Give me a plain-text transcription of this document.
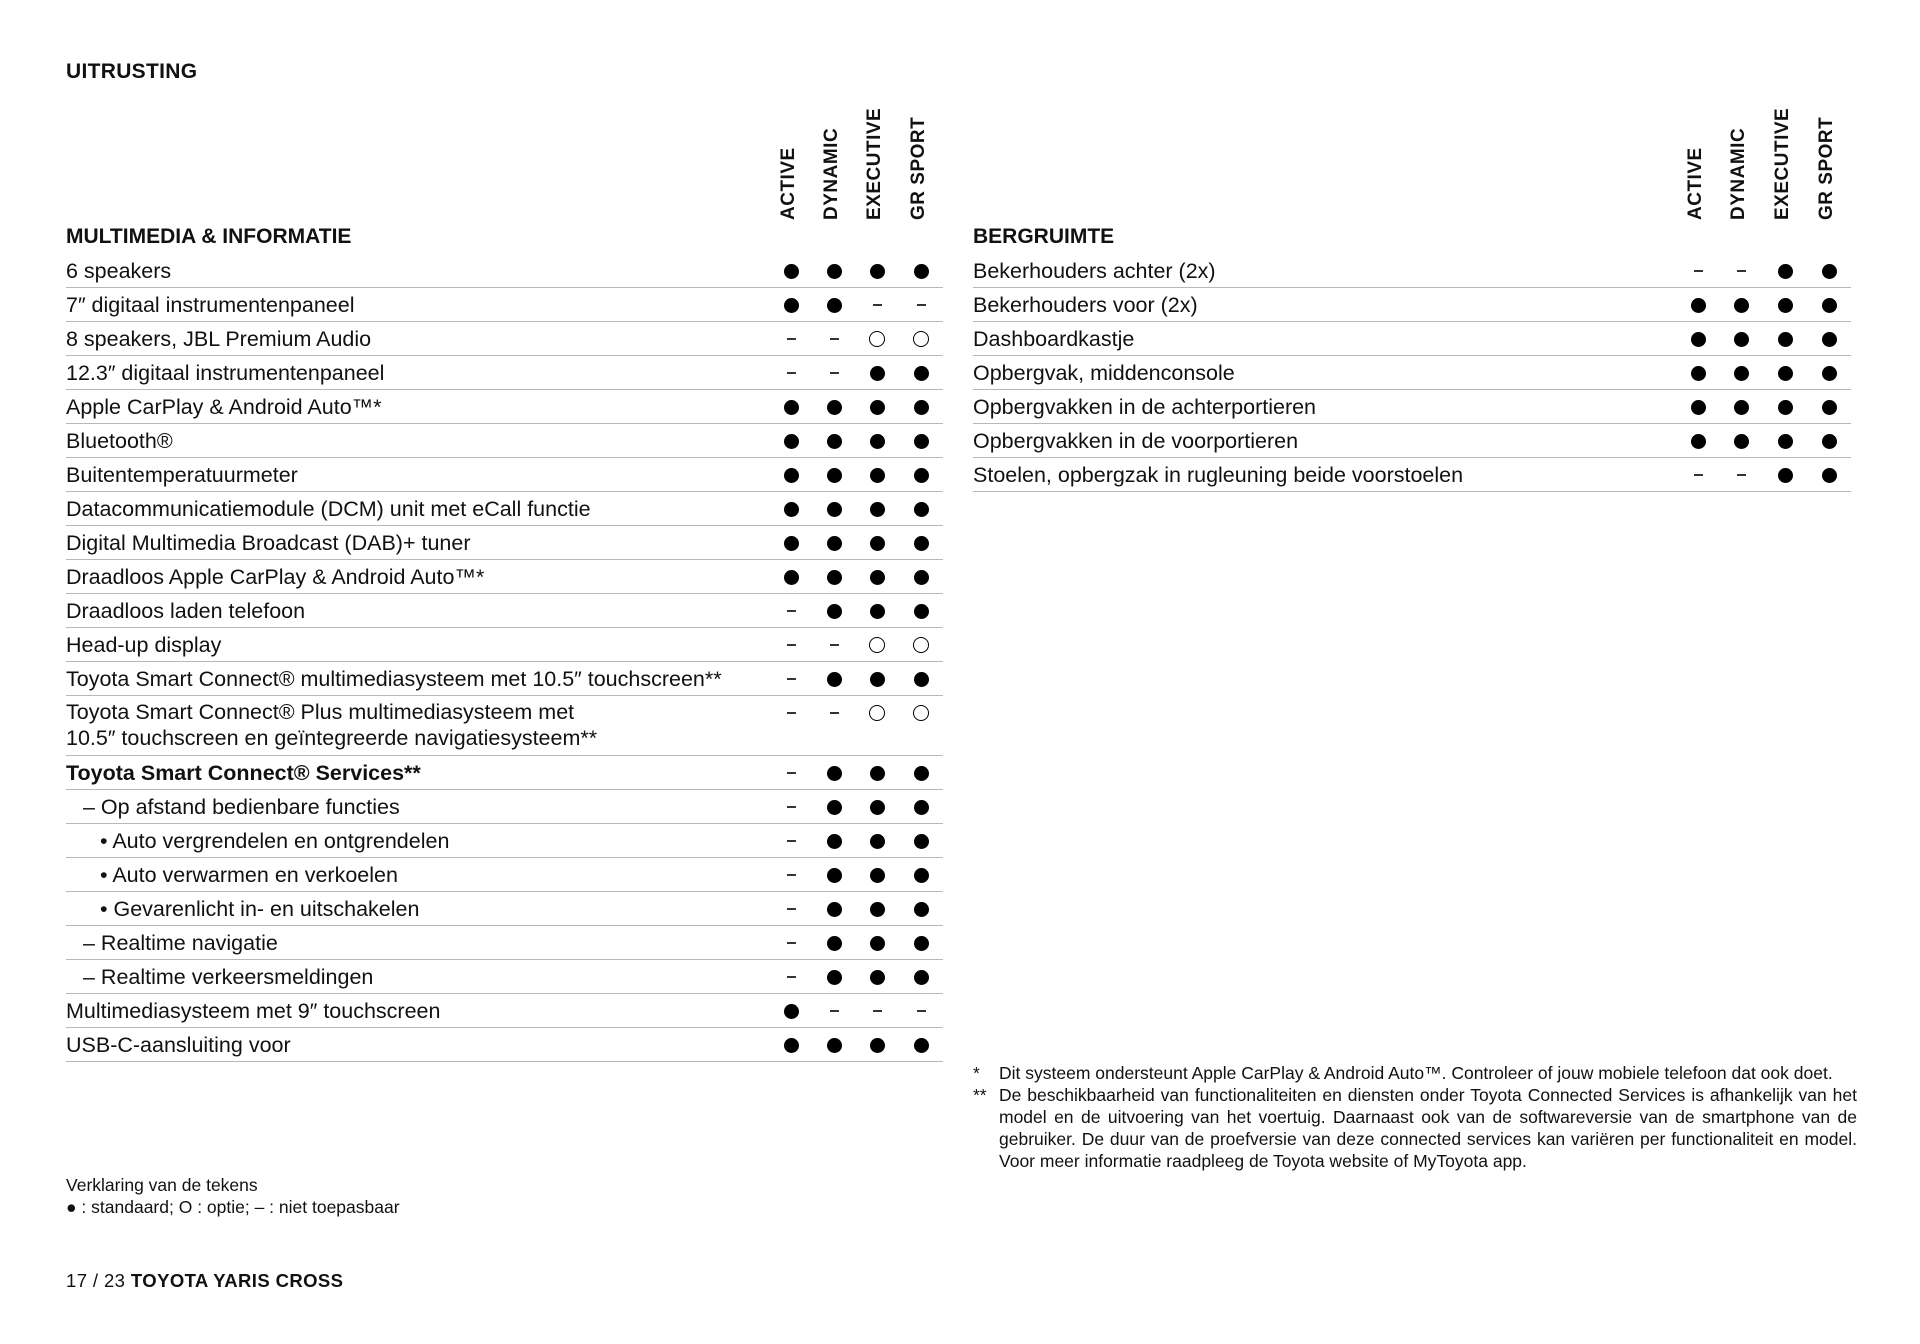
UITRUSTING
ACTIVE DYNAMIC EXECUTIVE GR SPORT
MULTIMEDIA & INFORMATIE
6 speakers
7″ digitaal instrumentenpaneel
8 speakers, JBL Premium Audio
12.3″ digitaal instrumentenpaneel
Apple CarPlay & Android Auto™*
Bluetooth®
Buitentemperatuurmeter
Datacommunicatiemodule (DCM) unit met eCall functie
Digital Multimedia Broadcast (DAB)+ tuner
Draadloos Apple CarPlay & Android Auto™*
Draadloos laden telefoon
Head-up display
Toyota Smart Connect® multimediasysteem met 10.5″ touchscreen**
Toyota Smart Connect® Plus multimediasysteem met
10.5″ touchscreen en geïntegreerde navigatiesysteem**
Toyota Smart Connect® Services**
– Op afstand bedienbare functies
• Auto vergrendelen en ontgrendelen
• Auto verwarmen en verkoelen
• Gevarenlicht in- en uitschakelen
– Realtime navigatie
– Realtime verkeersmeldingen
Multimediasysteem met 9″ touchscreen
USB-C-aansluiting voor
ACTIVE DYNAMIC EXECUTIVE GR SPORT
BERGRUIMTE
Bekerhouders achter (2x)
Bekerhouders voor (2x)
Dashboardkastje
Opbergvak, middenconsole
Opbergvakken in de achterportieren
Opbergvakken in de voorportieren
Stoelen, opbergzak in rugleuning beide voorstoelen
* Dit systeem ondersteunt Apple CarPlay & Android Auto™. Controleer of jouw mobiele telefoon dat ook doet.
** De beschikbaarheid van functionaliteiten en diensten onder Toyota Connected Services is afhankelijk van het model en de uitvoering van het voertuig. Daarnaast ook van de softwareversie van de smartphone van de gebruiker. De duur van de proefversie van deze connected services kan variëren per functionaliteit en model. Voor meer informatie raadpleeg de Toyota website of MyToyota app.
Verklaring van de tekens
● : standaard; O : optie; – : niet toepasbaar
17 / 23 TOYOTA YARIS CROSS
